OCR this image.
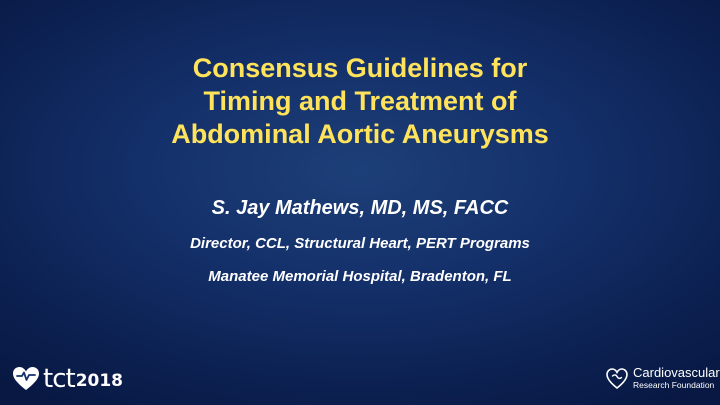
Consensus Guidelines for
Timing and Treatment of
Abdominal Aortic Aneurysms
S. Jay Mathews, MD, MS, FACC
Director, CCL, Structural Heart, PERT Programs
Manatee Memorial Hospital, Bradenton, FL
tct 2018	Cardiovascular
Research Foundation
